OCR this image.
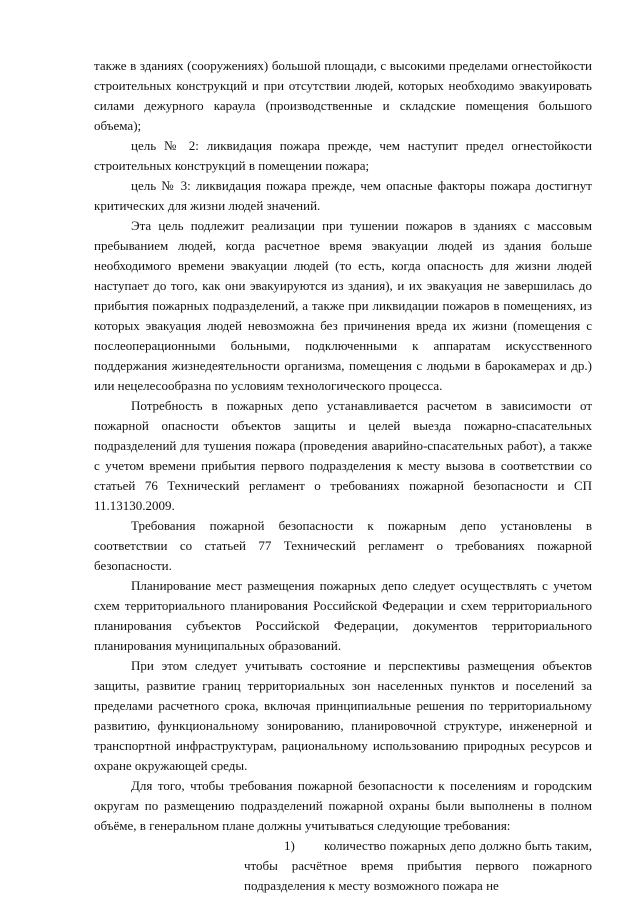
также в зданиях (сооружениях) большой площади, с высокими пределами огнестойкости строительных конструкций и при отсутствии людей, которых необходимо эвакуировать силами дежурного караула (производственные и складские помещения большого объема);

цель № 2: ликвидация пожара прежде, чем наступит предел огнестойкости строительных конструкций в помещении пожара;

цель № 3: ликвидация пожара прежде, чем опасные факторы пожара достигнут критических для жизни людей значений.

Эта цель подлежит реализации при тушении пожаров в зданиях с массовым пребыванием людей, когда расчетное время эвакуации людей из здания больше необходимого времени эвакуации людей (то есть, когда опасность для жизни людей наступает до того, как они эвакуируются из здания), и их эвакуация не завершилась до прибытия пожарных подразделений, а также при ликвидации пожаров в помещениях, из которых эвакуация людей невозможна без причинения вреда их жизни (помещения с послеоперационными больными, подключенными к аппаратам искусственного поддержания жизнедеятельности организма, помещения с людьми в барокамерах и др.) или нецелесообразна по условиям технологического процесса.

Потребность в пожарных депо устанавливается расчетом в зависимости от пожарной опасности объектов защиты и целей выезда пожарно-спасательных подразделений для тушения пожара (проведения аварийно-спасательных работ), а также с учетом времени прибытия первого подразделения к месту вызова в соответствии со статьей 76 Технический регламент о требованиях пожарной безопасности и СП 11.13130.2009.

Требования пожарной безопасности к пожарным депо установлены в соответствии со статьей 77 Технический регламент о требованиях пожарной безопасности.

Планирование мест размещения пожарных депо следует осуществлять с учетом схем территориального планирования Российской Федерации и схем территориального планирования субъектов Российской Федерации, документов территориального планирования муниципальных образований.

При этом следует учитывать состояние и перспективы размещения объектов защиты, развитие границ территориальных зон населенных пунктов и поселений за пределами расчетного срока, включая принципиальные решения по территориальному развитию, функциональному зонированию, планировочной структуре, инженерной и транспортной инфраструктурам, рациональному использованию природных ресурсов и охране окружающей среды.

Для того, чтобы требования пожарной безопасности к поселениям и городским округам по размещению подразделений пожарной охраны были выполнены в полном объёме, в генеральном плане должны учитываться следующие требования:

1) количество пожарных депо должно быть таким, чтобы расчётное время прибытия первого пожарного подразделения к месту возможного пожара не
